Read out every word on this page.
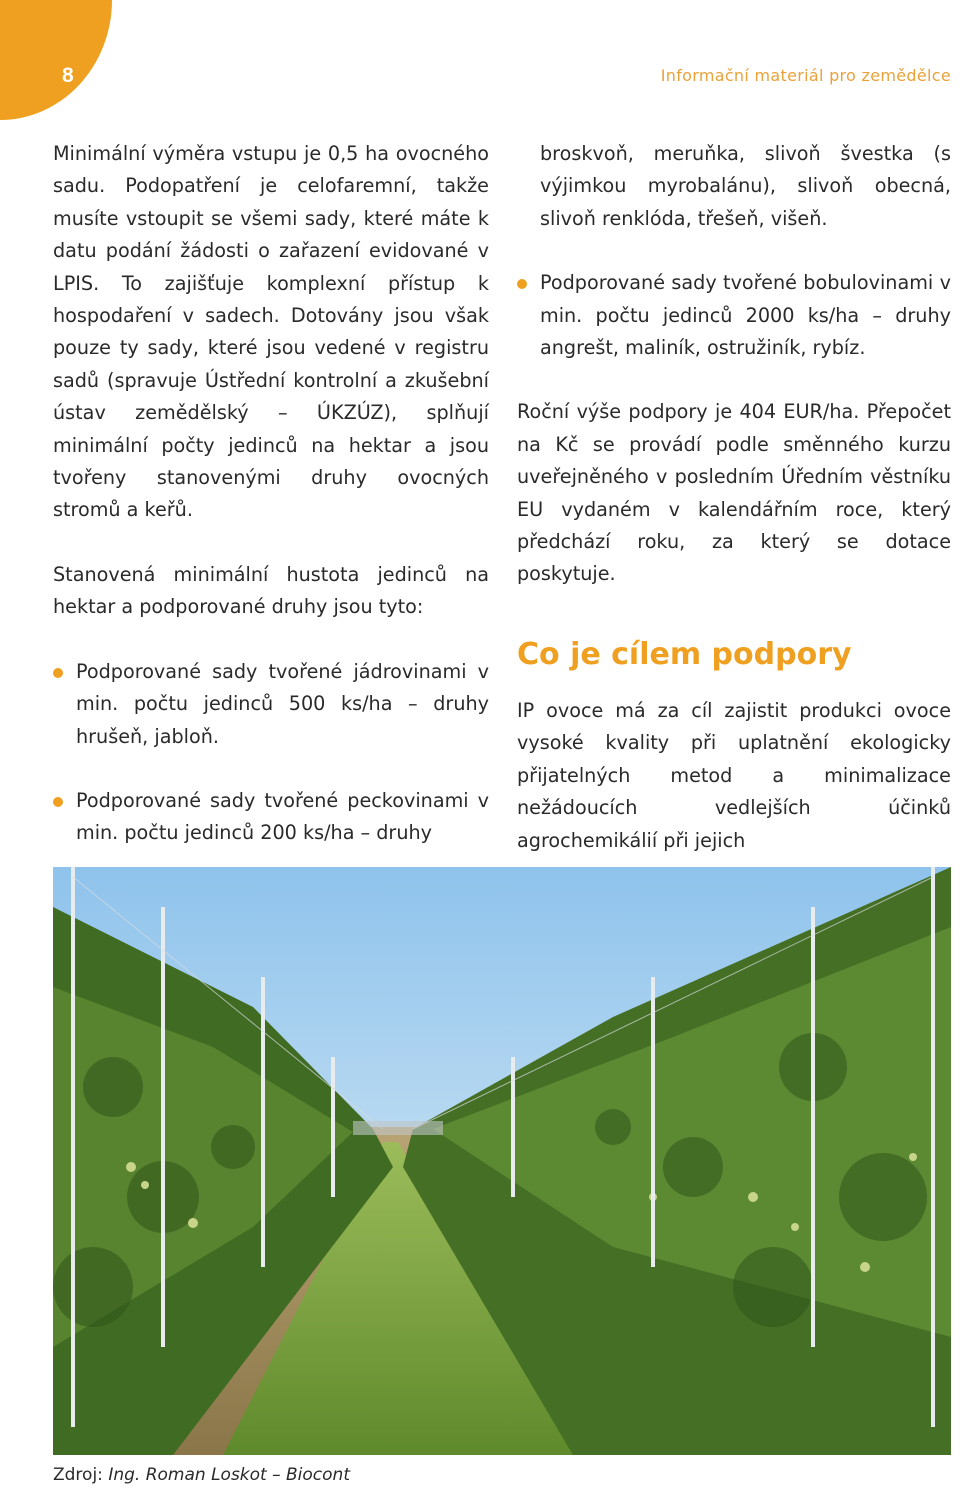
8	Informační materiál pro zemědělce

Minimální výměra vstupu je 0,5 ha ovocného sadu. Podopatření je celofaremní, takže musíte vstoupit se všemi sady, které máte k datu podání žádosti o zařazení evidované v LPIS. To zajišťuje komplexní přístup k hospodaření v sadech. Dotovány jsou však pouze ty sady, které jsou vedené v registru sadů (spravuje Ústřední kontrolní a zkušební ústav zemědělský – ÚKZÚZ), splňují minimální počty jedinců na hektar a jsou tvořeny stanovenými druhy ovocných stromů a keřů.

Stanovená minimální hustota jedinců na hektar a podporované druhy jsou tyto:

Podporované sady tvořené jádrovinami v min. počtu jedinců 500 ks/ha – druhy hrušeň, jabloň.
Podporované sady tvořené peckovinami v min. počtu jedinců 200 ks/ha – druhy

broskvoň, meruňka, slivoň švestka (s výjimkou myrobalánu), slivoň obecná, slivoň renklóda, třešeň, višeň.

Podporované sady tvořené bobulovinami v min. počtu jedinců 2000 ks/ha – druhy angrešt, maliník, ostružiník, rybíz.

Roční výše podpory je 404 EUR/ha. Přepočet na Kč se provádí podle směnného kurzu uveřejněného v posledním Úředním věstníku EU vydaném v kalendářním roce, který předchází roku, za který se dotace poskytuje.

Co je cílem podpory

IP ovoce má za cíl zajistit produkci ovoce vysoké kvality při uplatnění ekologicky přijatelných metod a minimalizace nežádoucích vedlejších účinků agrochemikálií při jejich

Zdroj: Ing. Roman Loskot – Biocont
